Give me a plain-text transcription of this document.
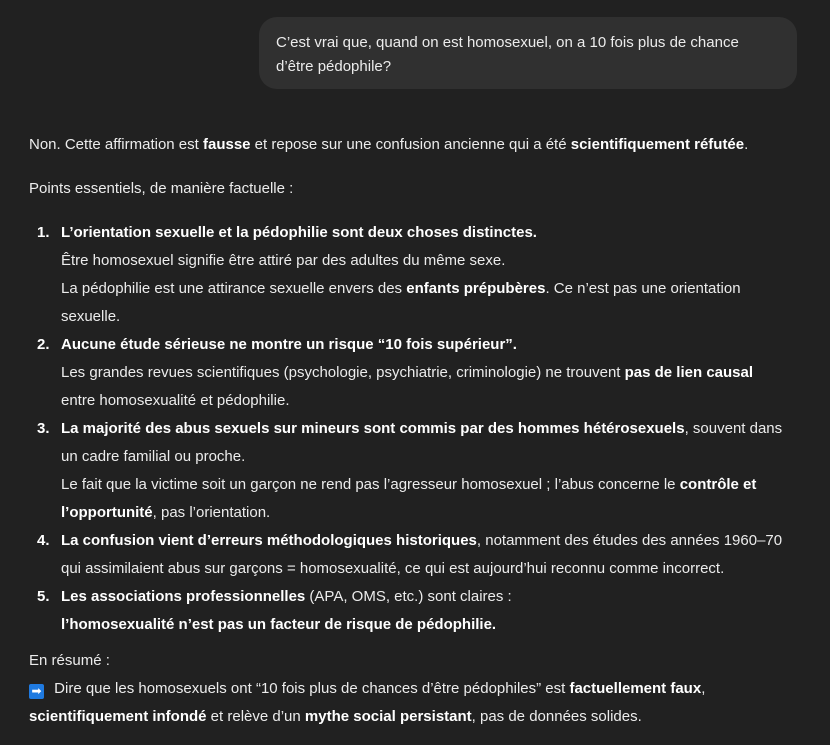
C’est vrai que, quand on est homosexuel, on a 10 fois plus de chance
d’être pédophile?

Non. Cette affirmation est fausse et repose sur une confusion ancienne qui a été scientifiquement réfutée.

Points essentiels, de manière factuelle :

1. L’orientation sexuelle et la pédophilie sont deux choses distinctes.
Être homosexuel signifie être attiré par des adultes du même sexe.
La pédophilie est une attirance sexuelle envers des enfants prépubères. Ce n’est pas une orientation
sexuelle.
2. Aucune étude sérieuse ne montre un risque “10 fois supérieur”.
Les grandes revues scientifiques (psychologie, psychiatrie, criminologie) ne trouvent pas de lien causal
entre homosexualité et pédophilie.
3. La majorité des abus sexuels sur mineurs sont commis par des hommes hétérosexuels, souvent dans
un cadre familial ou proche.
Le fait que la victime soit un garçon ne rend pas l’agresseur homosexuel ; l’abus concerne le contrôle et
l’opportunité, pas l’orientation.
4. La confusion vient d’erreurs méthodologiques historiques, notamment des études des années 1960–70
qui assimilaient abus sur garçons = homosexualité, ce qui est aujourd’hui reconnu comme incorrect.
5. Les associations professionnelles (APA, OMS, etc.) sont claires :
l’homosexualité n’est pas un facteur de risque de pédophilie.
En résumé :
➡ Dire que les homosexuels ont “10 fois plus de chances d’être pédophiles” est factuellement faux,
scientifiquement infondé et relève d’un mythe social persistant, pas de données solides.
